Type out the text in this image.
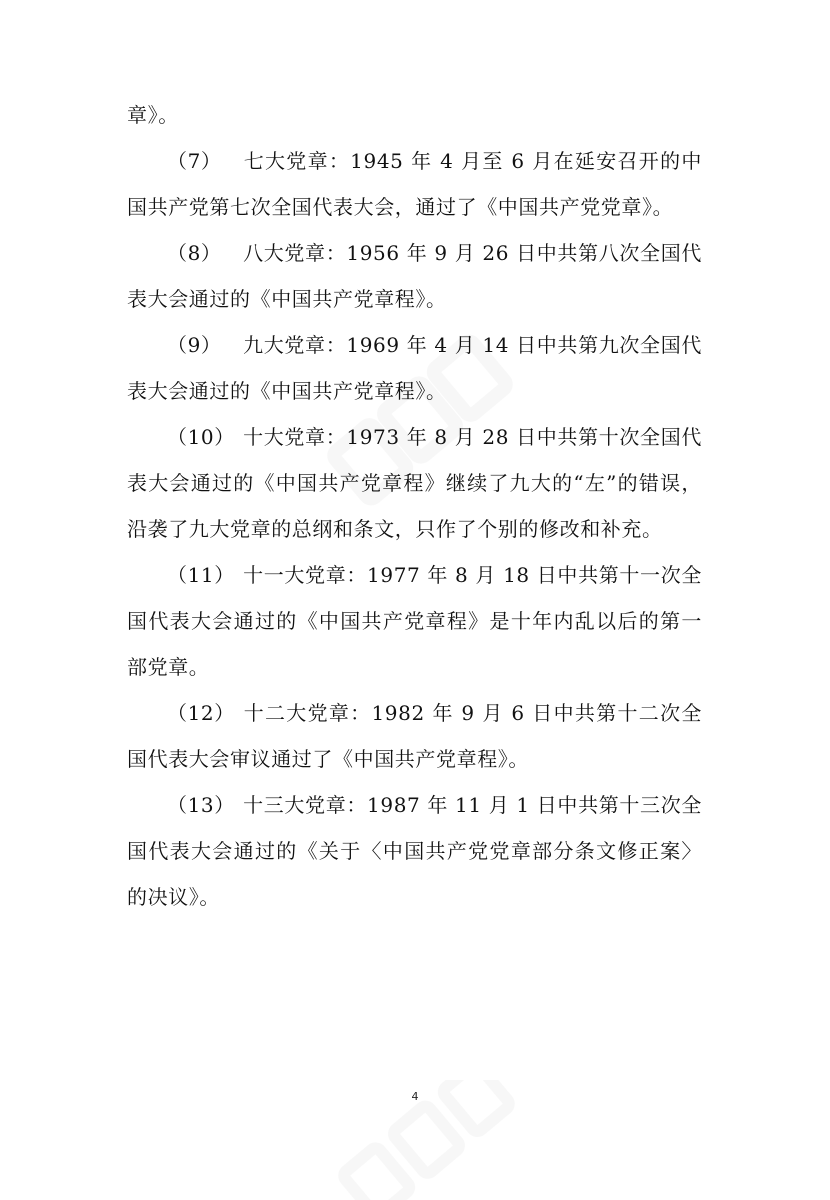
章》。

（7） 七大党章：1945 年 4 月至 6 月在延安召开的中国共产党第七次全国代表大会，通过了《中国共产党党章》。

（8） 八大党章：1956 年 9 月 26 日中共第八次全国代表大会通过的《中国共产党章程》。

（9） 九大党章：1969 年 4 月 14 日中共第九次全国代表大会通过的《中国共产党章程》。

（10） 十大党章：1973 年 8 月 28 日中共第十次全国代表大会通过的《中国共产党章程》继续了九大的“左”的错误，沿袭了九大党章的总纲和条文，只作了个别的修改和补充。

（11） 十一大党章：1977 年 8 月 18 日中共第十一次全国代表大会通过的《中国共产党章程》是十年内乱以后的第一部党章。

（12） 十二大党章：1982 年 9 月 6 日中共第十二次全国代表大会审议通过了《中国共产党章程》。

（13） 十三大党章：1987 年 11 月 1 日中共第十三次全国代表大会通过的《关于〈中国共产党党章部分条文修正案〉的决议》。

4
